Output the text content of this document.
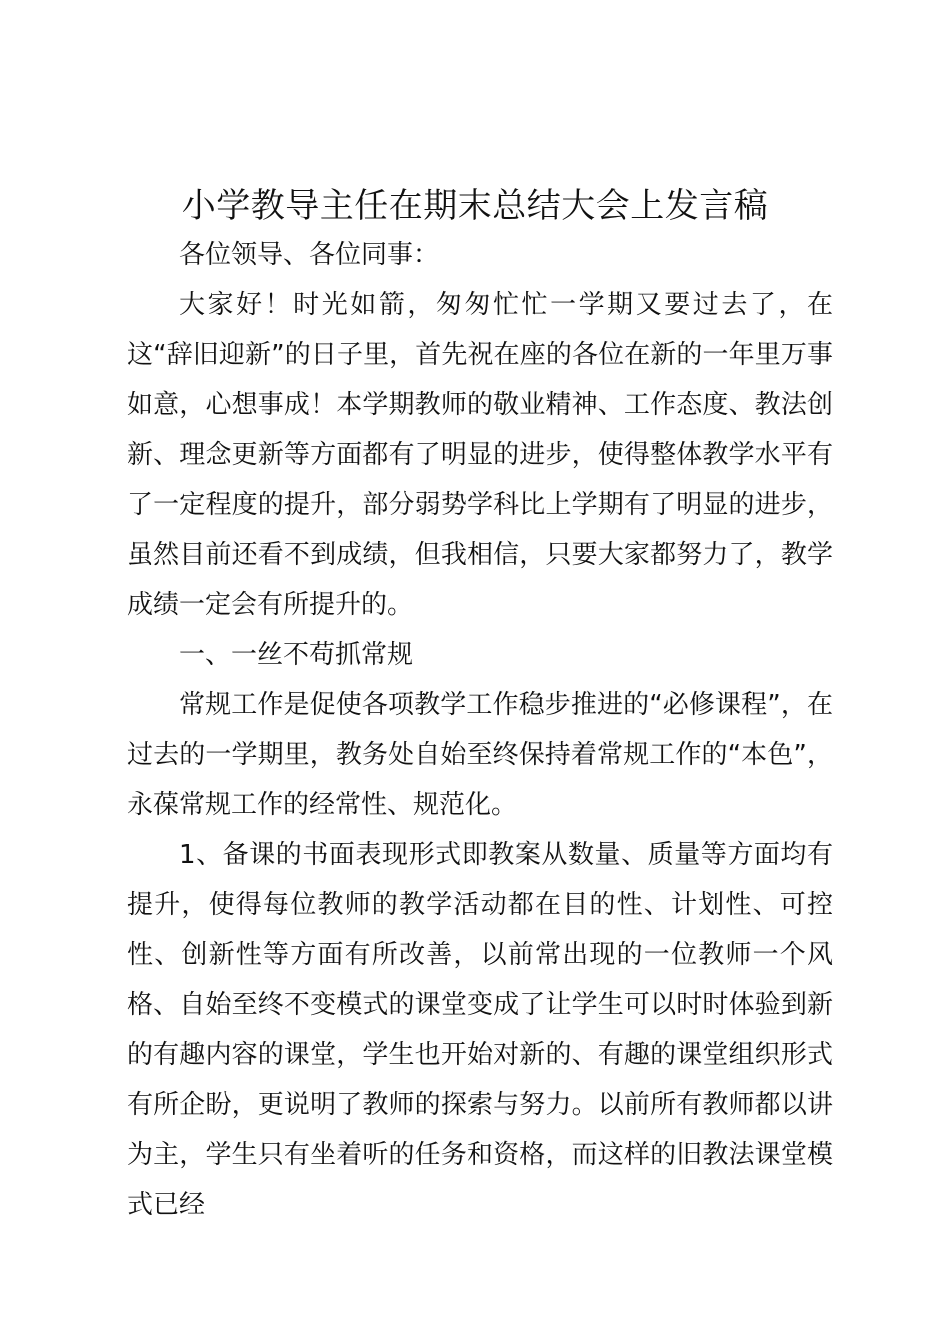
小学教导主任在期末总结大会上发言稿

各位领导、各位同事：

大家好！时光如箭，匆匆忙忙一学期又要过去了，在这“辞旧迎新”的日子里，首先祝在座的各位在新的一年里万事如意，心想事成！本学期教师的敬业精神、工作态度、教法创新、理念更新等方面都有了明显的进步，使得整体教学水平有了一定程度的提升，部分弱势学科比上学期有了明显的进步，虽然目前还看不到成绩，但我相信，只要大家都努力了，教学成绩一定会有所提升的。

一、一丝不苟抓常规

常规工作是促使各项教学工作稳步推进的“必修课程”，在过去的一学期里，教务处自始至终保持着常规工作的“本色”，永葆常规工作的经常性、规范化。

1、备课的书面表现形式即教案从数量、质量等方面均有提升，使得每位教师的教学活动都在目的性、计划性、可控性、创新性等方面有所改善，以前常出现的一位教师一个风格、自始至终不变模式的课堂变成了让学生可以时时体验到新的有趣内容的课堂，学生也开始对新的、有趣的课堂组织形式有所企盼，更说明了教师的探索与努力。以前所有教师都以讲为主，学生只有坐着听的任务和资格，而这样的旧教法课堂模式已经
